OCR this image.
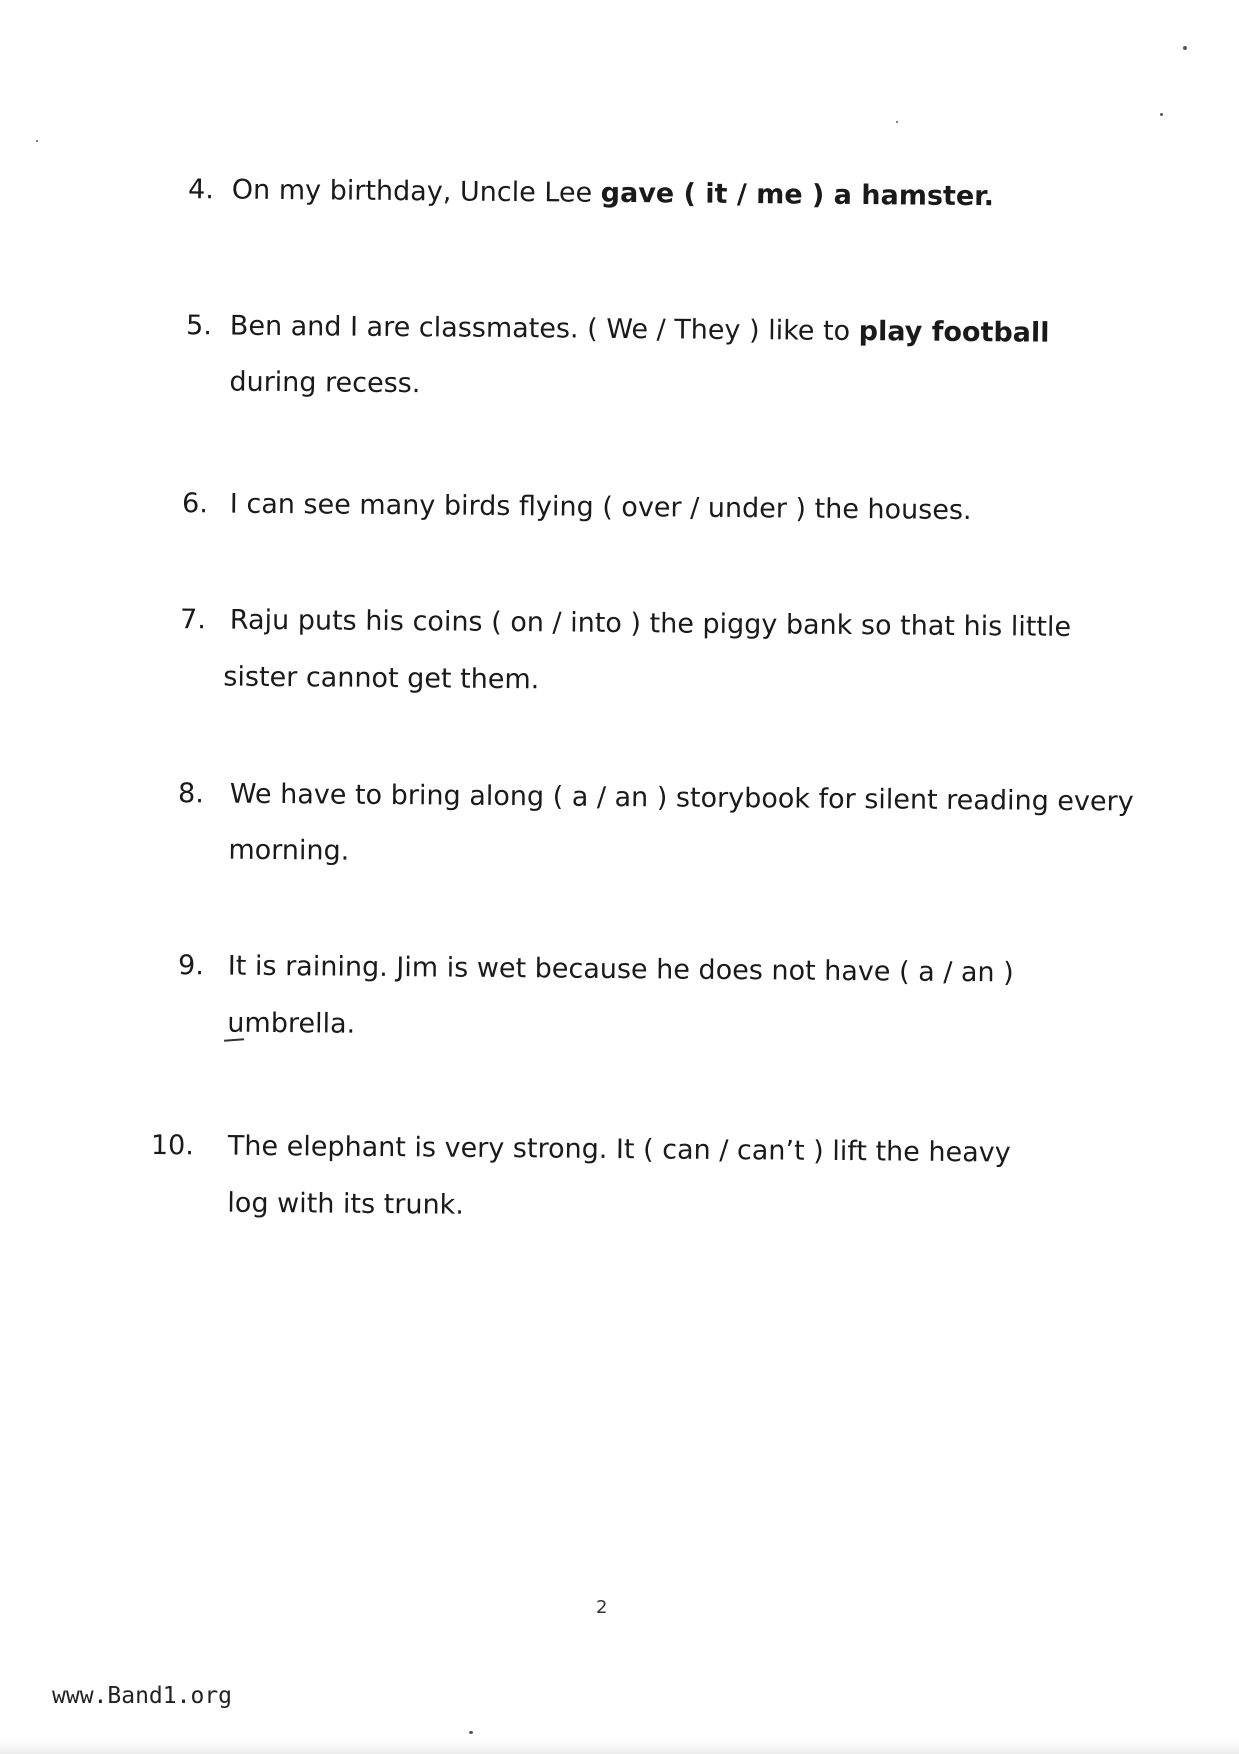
4. On my birthday, Uncle Lee gave ( it / me ) a hamster.
5. Ben and I are classmates. ( We / They ) like to play football
during recess.
6. I can see many birds flying ( over / under ) the houses.
7. Raju puts his coins ( on / into ) the piggy bank so that his little
sister cannot get them.
8. We have to bring along ( a / an ) storybook for silent reading every
morning.
9. It is raining. Jim is wet because he does not have ( a / an )
umbrella.
10. The elephant is very strong. It ( can / can’t ) lift the heavy
log with its trunk.
2
www.Band1.org
